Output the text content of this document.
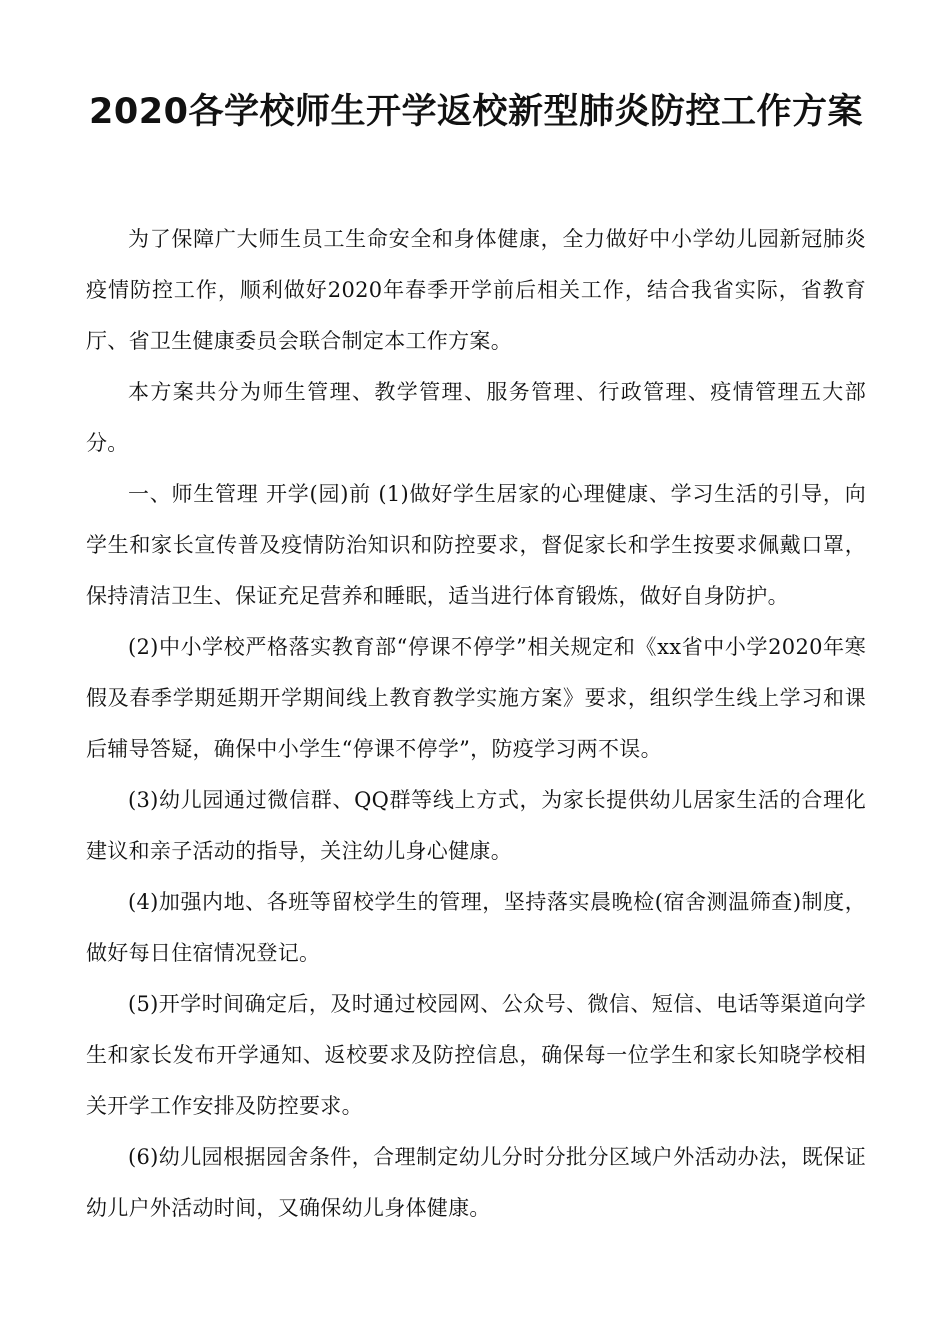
2020各学校师生开学返校新型肺炎防控工作方案

为了保障广大师生员工生命安全和身体健康，全力做好中小学幼儿园新冠肺炎疫情防控工作，顺利做好2020年春季开学前后相关工作，结合我省实际，省教育厅、省卫生健康委员会联合制定本工作方案。

本方案共分为师生管理、教学管理、服务管理、行政管理、疫情管理五大部分。

一、师生管理 开学(园)前 (1)做好学生居家的心理健康、学习生活的引导，向学生和家长宣传普及疫情防治知识和防控要求，督促家长和学生按要求佩戴口罩，保持清洁卫生、保证充足营养和睡眠，适当进行体育锻炼，做好自身防护。

(2)中小学校严格落实教育部“停课不停学”相关规定和《xx省中小学2020年寒假及春季学期延期开学期间线上教育教学实施方案》要求，组织学生线上学习和课后辅导答疑，确保中小学生“停课不停学”，防疫学习两不误。

(3)幼儿园通过微信群、QQ群等线上方式，为家长提供幼儿居家生活的合理化建议和亲子活动的指导，关注幼儿身心健康。

(4)加强内地、各班等留校学生的管理，坚持落实晨晚检(宿舍测温筛查)制度，做好每日住宿情况登记。

(5)开学时间确定后，及时通过校园网、公众号、微信、短信、电话等渠道向学生和家长发布开学通知、返校要求及防控信息，确保每一位学生和家长知晓学校相关开学工作安排及防控要求。

(6)幼儿园根据园舍条件，合理制定幼儿分时分批分区域户外活动办法，既保证幼儿户外活动时间，又确保幼儿身体健康。
